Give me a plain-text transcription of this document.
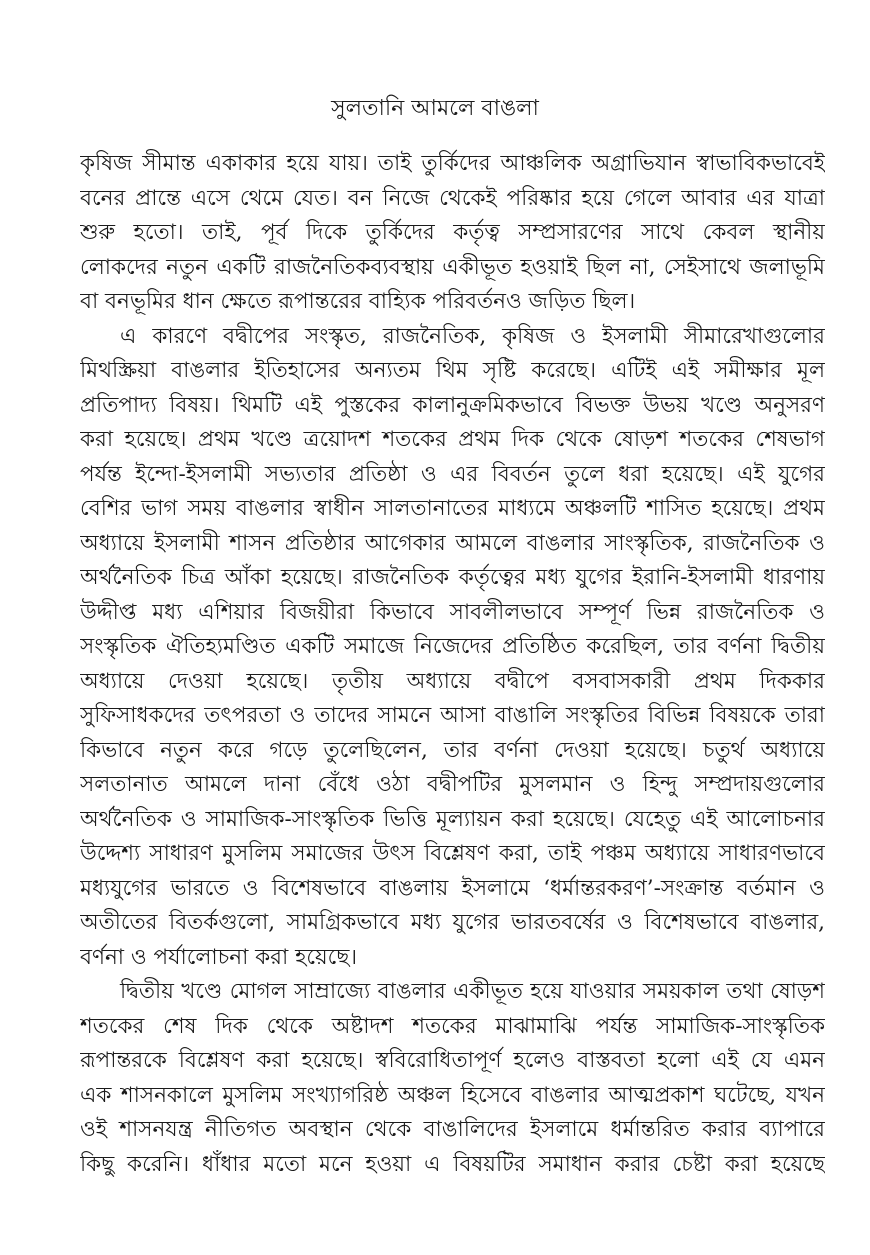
সুলতানি আমলে বাঙলা
কৃষিজ সীমান্ত একাকার হয়ে যায়। তাই তুর্কিদের আঞ্চলিক অগ্রাভিযান স্বাভাবিকভাবেই
বনের প্রান্তে এসে থেমে যেত। বন নিজে থেকেই পরিষ্কার হয়ে গেলে আবার এর যাত্রা
শুরু হতো। তাই, পূর্ব দিকে তুর্কিদের কর্তৃত্ব সম্প্রসারণের সাথে কেবল স্থানীয়
লোকদের নতুন একটি রাজনৈতিকব্যবস্থায় একীভূত হওয়াই ছিল না, সেইসাথে জলাভূমি
বা বনভূমির ধান ক্ষেতে রূপান্তরের বাহ্যিক পরিবর্তনও জড়িত ছিল।
এ কারণে বদ্বীপের সংস্কৃত, রাজনৈতিক, কৃষিজ ও ইসলামী সীমারেখাগুলোর
মিথস্ক্রিয়া বাঙলার ইতিহাসের অন্যতম থিম সৃষ্টি করেছে। এটিই এই সমীক্ষার মূল
প্রতিপাদ্য বিষয়। থিমটি এই পুস্তকের কালানুক্রমিকভাবে বিভক্ত উভয় খণ্ডে অনুসরণ
করা হয়েছে। প্রথম খণ্ডে ত্রয়োদশ শতকের প্রথম দিক থেকে ষোড়শ শতকের শেষভাগ
পর্যন্ত ইন্দো-ইসলামী সভ্যতার প্রতিষ্ঠা ও এর বিবর্তন তুলে ধরা হয়েছে। এই যুগের
বেশির ভাগ সময় বাঙলার স্বাধীন সালতানাতের মাধ্যমে অঞ্চলটি শাসিত হয়েছে। প্রথম
অধ্যায়ে ইসলামী শাসন প্রতিষ্ঠার আগেকার আমলে বাঙলার সাংস্কৃতিক, রাজনৈতিক ও
অর্থনৈতিক চিত্র আঁকা হয়েছে। রাজনৈতিক কর্তৃত্বের মধ্য যুগের ইরানি-ইসলামী ধারণায়
উদ্দীপ্ত মধ্য এশিয়ার বিজয়ীরা কিভাবে সাবলীলভাবে সম্পূর্ণ ভিন্ন রাজনৈতিক ও
সংস্কৃতিক ঐতিহ্যমণ্ডিত একটি সমাজে নিজেদের প্রতিষ্ঠিত করেছিল, তার বর্ণনা দ্বিতীয়
অধ্যায়ে দেওয়া হয়েছে। তৃতীয় অধ্যায়ে বদ্বীপে বসবাসকারী প্রথম দিককার
সুফিসাধকদের তৎপরতা ও তাদের সামনে আসা বাঙালি সংস্কৃতির বিভিন্ন বিষয়কে তারা
কিভাবে নতুন করে গড়ে তুলেছিলেন, তার বর্ণনা দেওয়া হয়েছে। চতুর্থ অধ্যায়ে
সলতানাত আমলে দানা বেঁধে ওঠা বদ্বীপটির মুসলমান ও হিন্দু সম্প্রদায়গুলোর
অর্থনৈতিক ও সামাজিক-সাংস্কৃতিক ভিত্তি মূল্যায়ন করা হয়েছে। যেহেতু এই আলোচনার
উদ্দেশ্য সাধারণ মুসলিম সমাজের উৎস বিশ্লেষণ করা, তাই পঞ্চম অধ্যায়ে সাধারণভাবে
মধ্যযুগের ভারতে ও বিশেষভাবে বাঙলায় ইসলামে ‘ধর্মান্তরকরণ’-সংক্রান্ত বর্তমান ও
অতীতের বিতর্কগুলো, সামগ্রিকভাবে মধ্য যুগের ভারতবর্ষের ও বিশেষভাবে বাঙলার,
বর্ণনা ও পর্যালোচনা করা হয়েছে।
দ্বিতীয় খণ্ডে মোগল সাম্রাজ্যে বাঙলার একীভূত হয়ে যাওয়ার সময়কাল তথা ষোড়শ
শতকের শেষ দিক থেকে অষ্টাদশ শতকের মাঝামাঝি পর্যন্ত সামাজিক-সাংস্কৃতিক
রূপান্তরকে বিশ্লেষণ করা হয়েছে। স্ববিরোধিতাপূর্ণ হলেও বাস্তবতা হলো এই যে এমন
এক শাসনকালে মুসলিম সংখ্যাগরিষ্ঠ অঞ্চল হিসেবে বাঙলার আত্মপ্রকাশ ঘটেছে, যখন
ওই শাসনযন্ত্র নীতিগত অবস্থান থেকে বাঙালিদের ইসলামে ধর্মান্তরিত করার ব্যাপারে
কিছু করেনি। ধাঁধার মতো মনে হওয়া এ বিষয়টির সমাধান করার চেষ্টা করা হয়েছে
